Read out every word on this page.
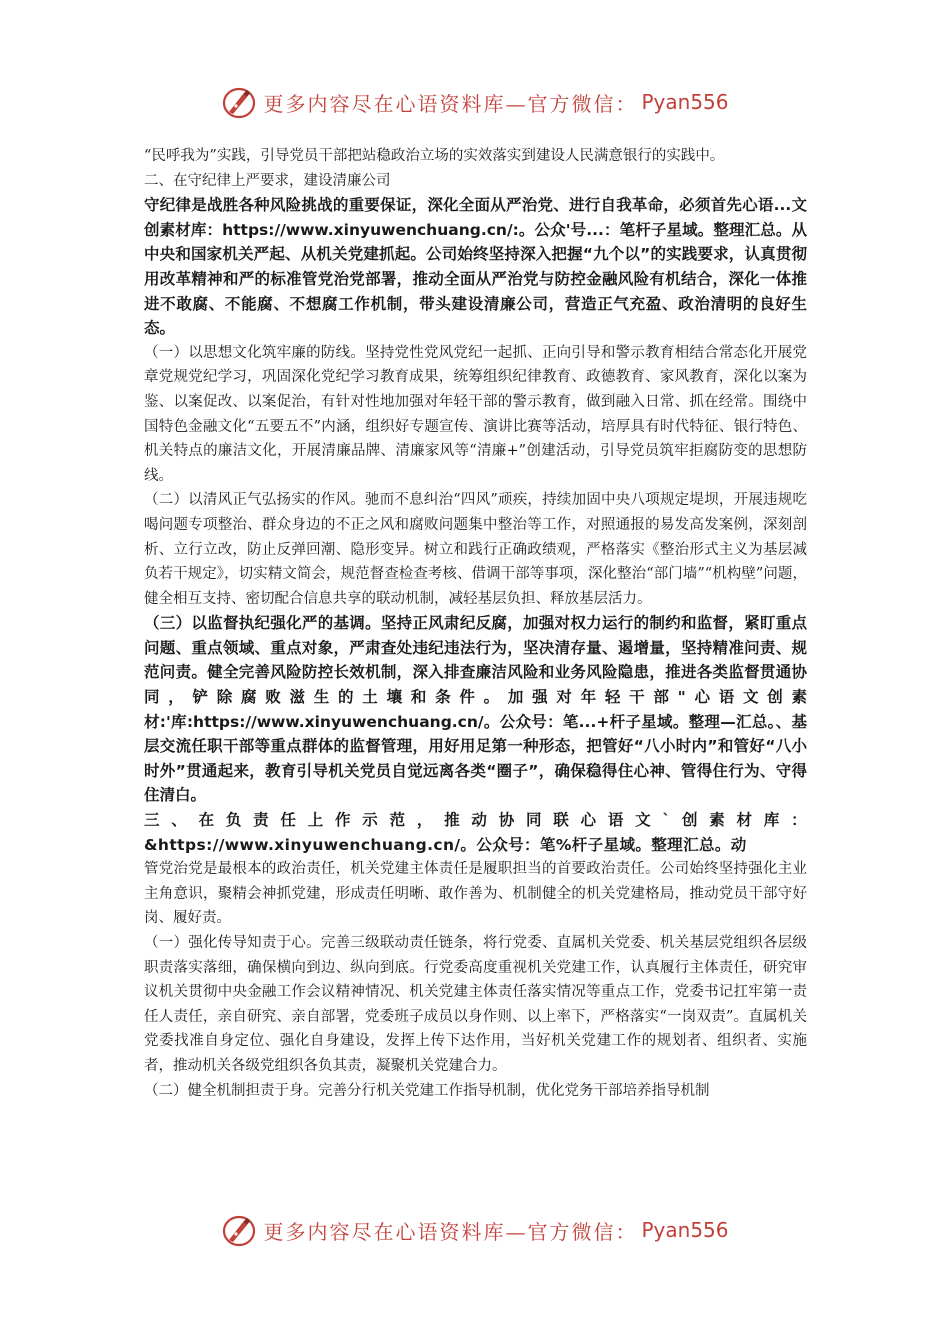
更多内容尽在心语资料库— 官方微信： Pyan556

“民呼我为”实践，引导党员干部把站稳政治立场的实效落实到建设人民满意银行的实践中。

二、在守纪律上严要求，建设清廉公司

守纪律是战胜各种风险挑战的重要保证，深化全面从严治党、进行自我革命，必须首先心语...文创素材库：https://www.xinyuwenchuang.cn/:。公众'号...：笔杆子星域。整理汇总。从中央和国家机关严起、从机关党建抓起。公司始终坚持深入把握“九个以”的实践要求，认真贯彻用改革精神和严的标准管党治党部署，推动全面从严治党与防控金融风险有机结合，深化一体推进不敢腐、不能腐、不想腐工作机制，带头建设清廉公司，营造正气充盈、政治清明的良好生态。

（一）以思想文化筑牢廉的防线。坚持党性党风党纪一起抓、正向引导和警示教育相结合常态化开展党章党规党纪学习，巩固深化党纪学习教育成果，统筹组织纪律教育、政德教育、家风教育，深化以案为鉴、以案促改、以案促治，有针对性地加强对年轻干部的警示教育，做到融入日常、抓在经常。围绕中国特色金融文化“五要五不”内涵，组织好专题宣传、演讲比赛等活动，培厚具有时代特征、银行特色、机关特点的廉洁文化，开展清廉品牌、清廉家风等“清廉+”创建活动，引导党员筑牢拒腐防变的思想防线。

（二）以清风正气弘扬实的作风。驰而不息纠治“四风”顽疾，持续加固中央八项规定堤坝，开展违规吃喝问题专项整治、群众身边的不正之风和腐败问题集中整治等工作，对照通报的易发高发案例，深刻剖析、立行立改，防止反弹回潮、隐形变异。树立和践行正确政绩观，严格落实《整治形式主义为基层减负若干规定》，切实精文简会，规范督查检查考核、借调干部等事项，深化整治“部门墙”“机构壁”问题，健全相互支持、密切配合信息共享的联动机制，减轻基层负担、释放基层活力。

（三）以监督执纪强化严的基调。坚持正风肃纪反腐，加强对权力运行的制约和监督，紧盯重点问题、重点领域、重点对象，严肃查处违纪违法行为，坚决清存量、遏增量，坚持精准问责、规范问责。健全完善风险防控长效机制，深入排查廉洁风险和业务风险隐患，推进各类监督贯通协同，铲除腐败滋生的土壤和条件。加强对年轻干部"心语文创素材:'库:https://www.xinyuwenchuang.cn/。公众号：笔...+杆子星域。整理—汇总。、基层交流任职干部等重点群体的监督管理，用好用足第一种形态，把管好“八小时内”和管好“八小时外”贯通起来，教育引导机关党员自觉远离各类“圈子”，确保稳得住心神、管得住行为、守得住清白。

三、在负责任上作示范，推动协同联心语文`创素材库：&https://www.xinyuwenchuang.cn/。公众号：笔%杆子星域。整理汇总。动

管党治党是最根本的政治责任，机关党建主体责任是履职担当的首要政治责任。公司始终坚持强化主业主角意识，聚精会神抓党建，形成责任明晰、敢作善为、机制健全的机关党建格局，推动党员干部守好岗、履好责。

（一）强化传导知责于心。完善三级联动责任链条，将行党委、直属机关党委、机关基层党组织各层级职责落实落细，确保横向到边、纵向到底。行党委高度重视机关党建工作，认真履行主体责任，研究审议机关贯彻中央金融工作会议精神情况、机关党建主体责任落实情况等重点工作，党委书记扛牢第一责任人责任，亲自研究、亲自部署，党委班子成员以身作则、以上率下，严格落实“一岗双责”。直属机关党委找准自身定位、强化自身建设，发挥上传下达作用，当好机关党建工作的规划者、组织者、实施者，推动机关各级党组织各负其责，凝聚机关党建合力。

（二）健全机制担责于身。完善分行机关党建工作指导机制，优化党务干部培养指导机制

更多内容尽在心语资料库— 官方微信： Pyan556
